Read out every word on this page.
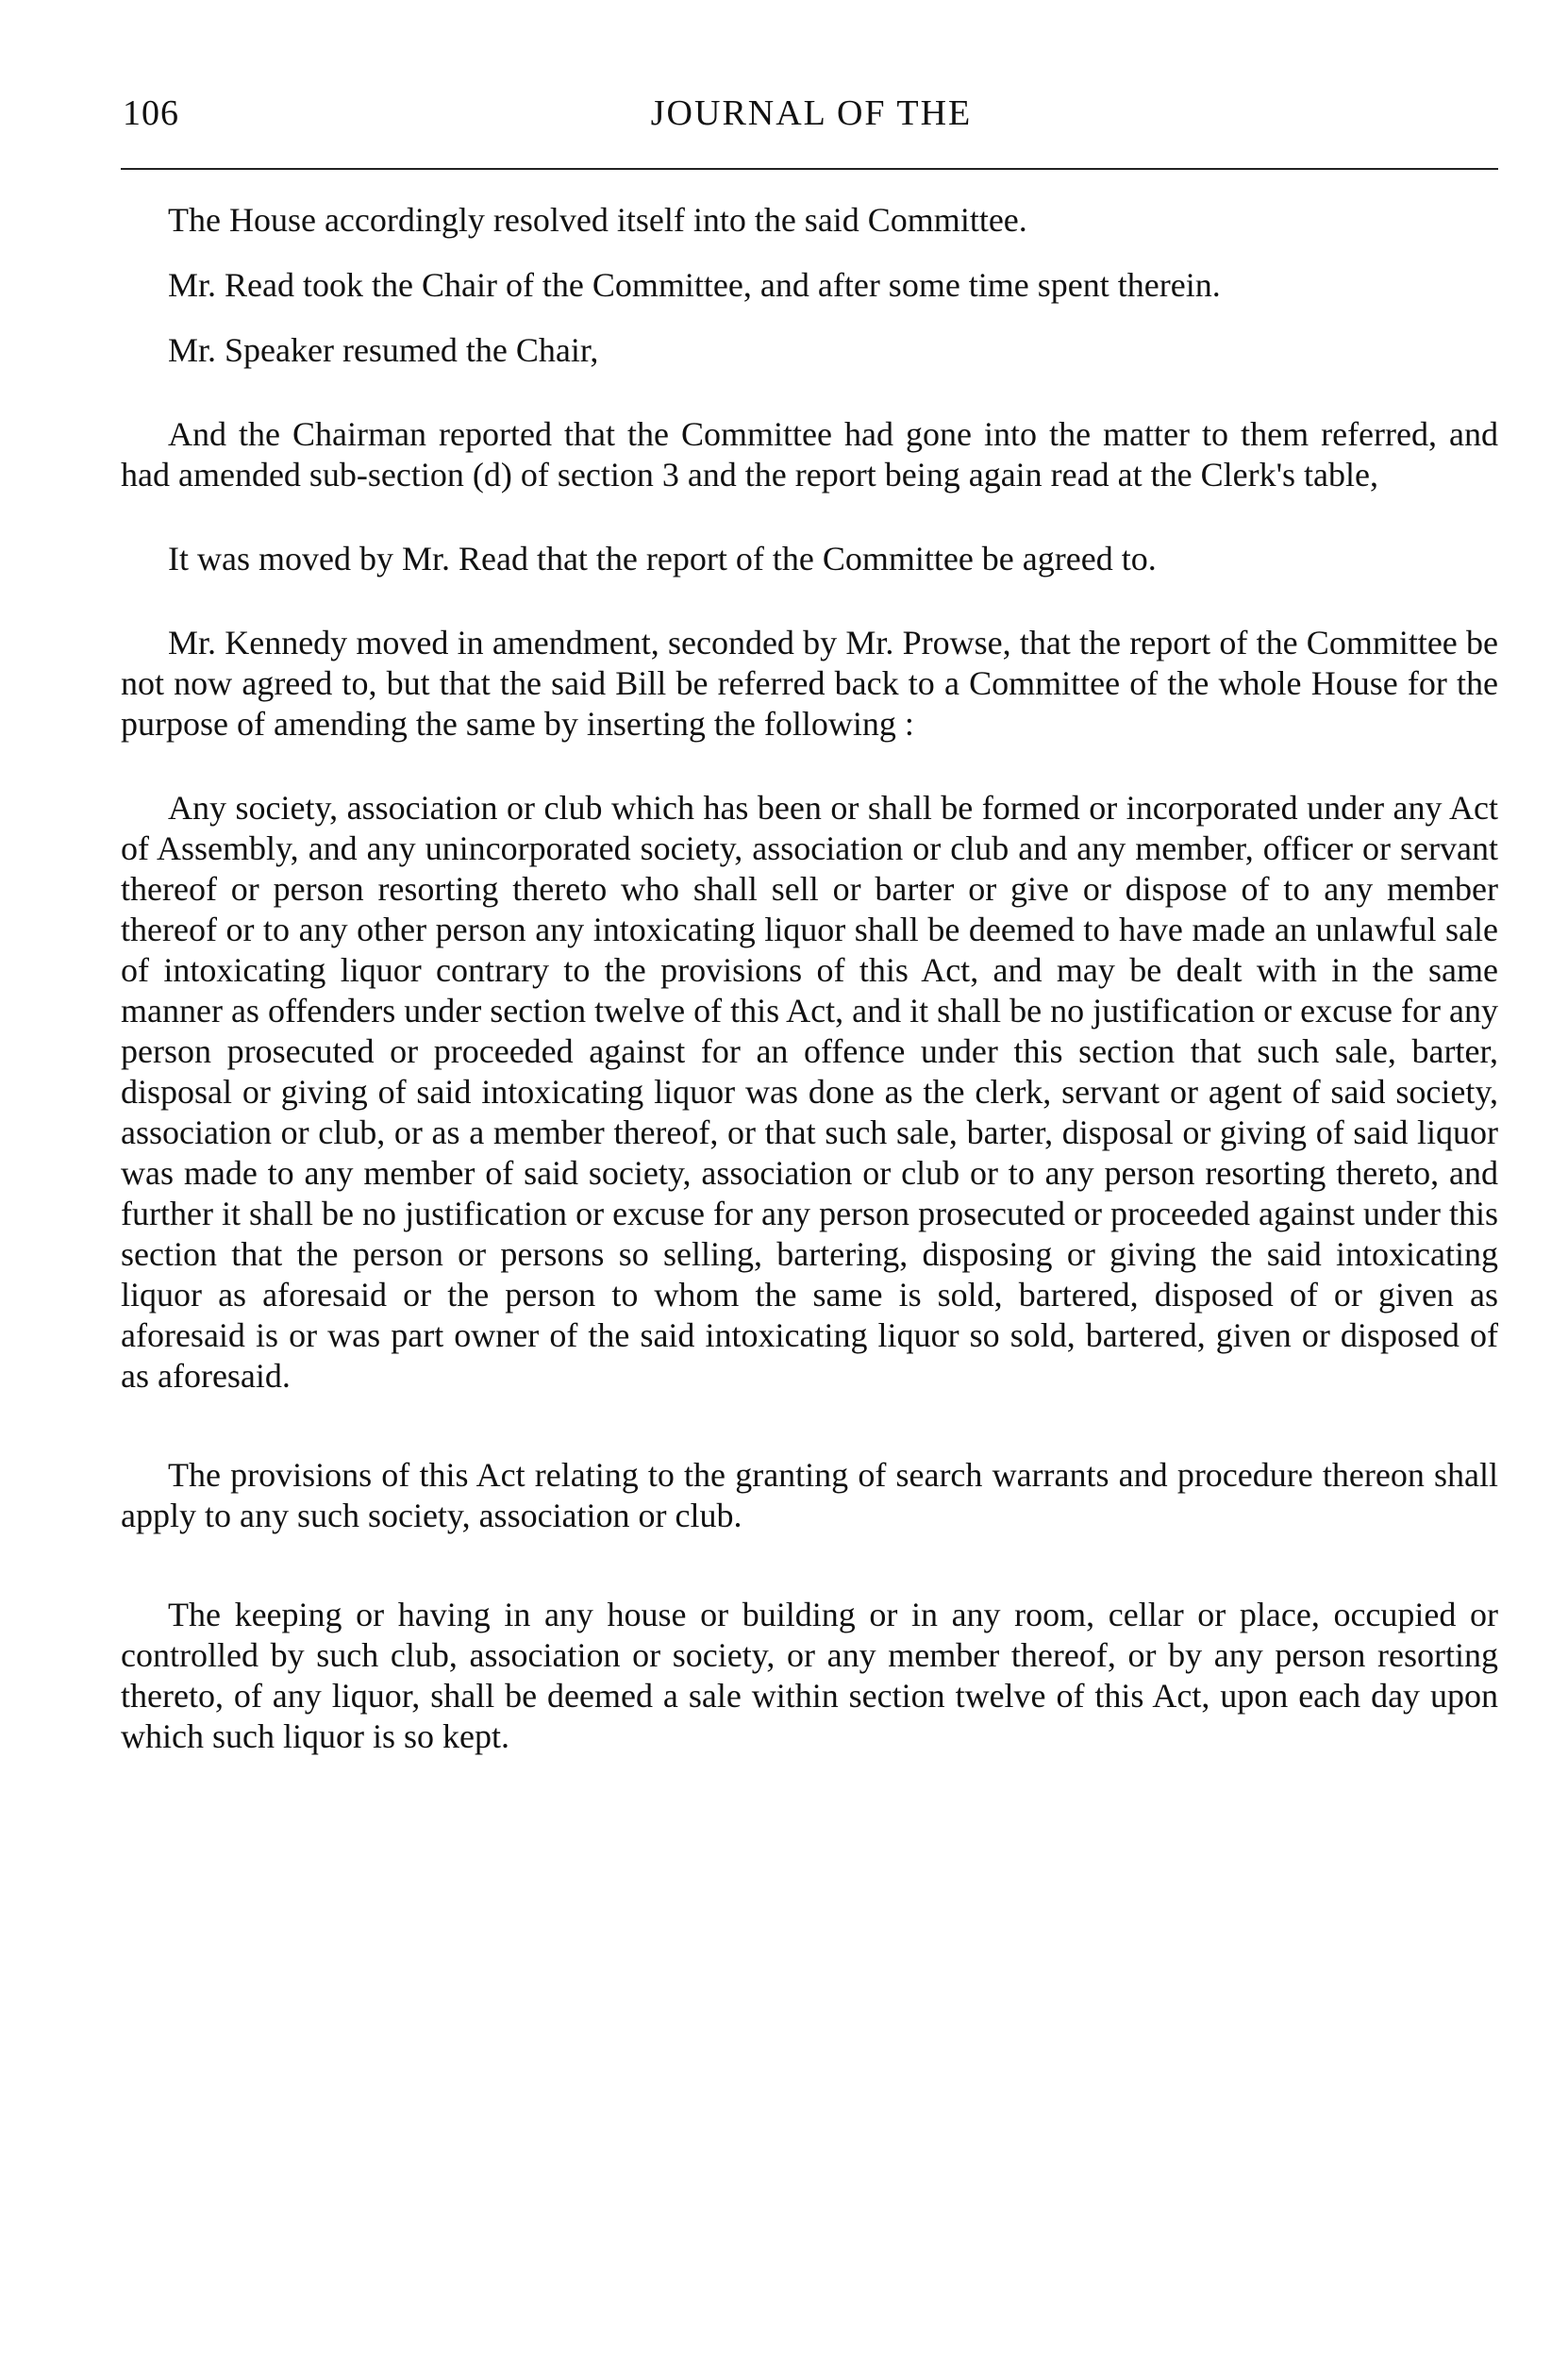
106	JOURNAL OF THE

The House accordingly resolved itself into the said Committee.

Mr. Read took the Chair of the Committee, and after some time spent therein.

Mr. Speaker resumed the Chair,

And the Chairman reported that the Committee had gone into the matter to them referred, and had amended sub-section (d) of section 3 and the report being again read at the Clerk's table,

It was moved by Mr. Read that the report of the Committee be agreed to.

Mr. Kennedy moved in amendment, seconded by Mr. Prowse, that the report of the Committee be not now agreed to, but that the said Bill be referred back to a Committee of the whole House for the purpose of amending the same by inserting the following :

Any society, association or club which has been or shall be formed or incorporated under any Act of Assembly, and any unincorporated society, association or club and any member, officer or servant thereof or person resorting thereto who shall sell or barter or give or dispose of to any member thereof or to any other person any intoxicating liquor shall be deemed to have made an unlawful sale of intoxicating liquor contrary to the provisions of this Act, and may be dealt with in the same manner as offenders under section twelve of this Act, and it shall be no justification or excuse for any person prosecuted or proceeded against for an offence under this section that such sale, barter, disposal or giving of said intoxicating liquor was done as the clerk, servant or agent of said society, association or club, or as a member thereof, or that such sale, barter, disposal or giving of said liquor was made to any member of said society, association or club or to any person resorting thereto, and further it shall be no justification or excuse for any person prosecuted or proceeded against under this section that the person or persons so selling, bartering, disposing or giving the said intoxicating liquor as aforesaid or the person to whom the same is sold, bartered, disposed of or given as aforesaid is or was part owner of the said intoxicating liquor so sold, bartered, given or disposed of as aforesaid.

The provisions of this Act relating to the granting of search warrants and procedure thereon shall apply to any such society, association or club.

The keeping or having in any house or building or in any room, cellar or place, occupied or controlled by such club, association or society, or any member thereof, or by any person resorting thereto, of any liquor, shall be deemed a sale within section twelve of this Act, upon each day upon which such liquor is so kept.
